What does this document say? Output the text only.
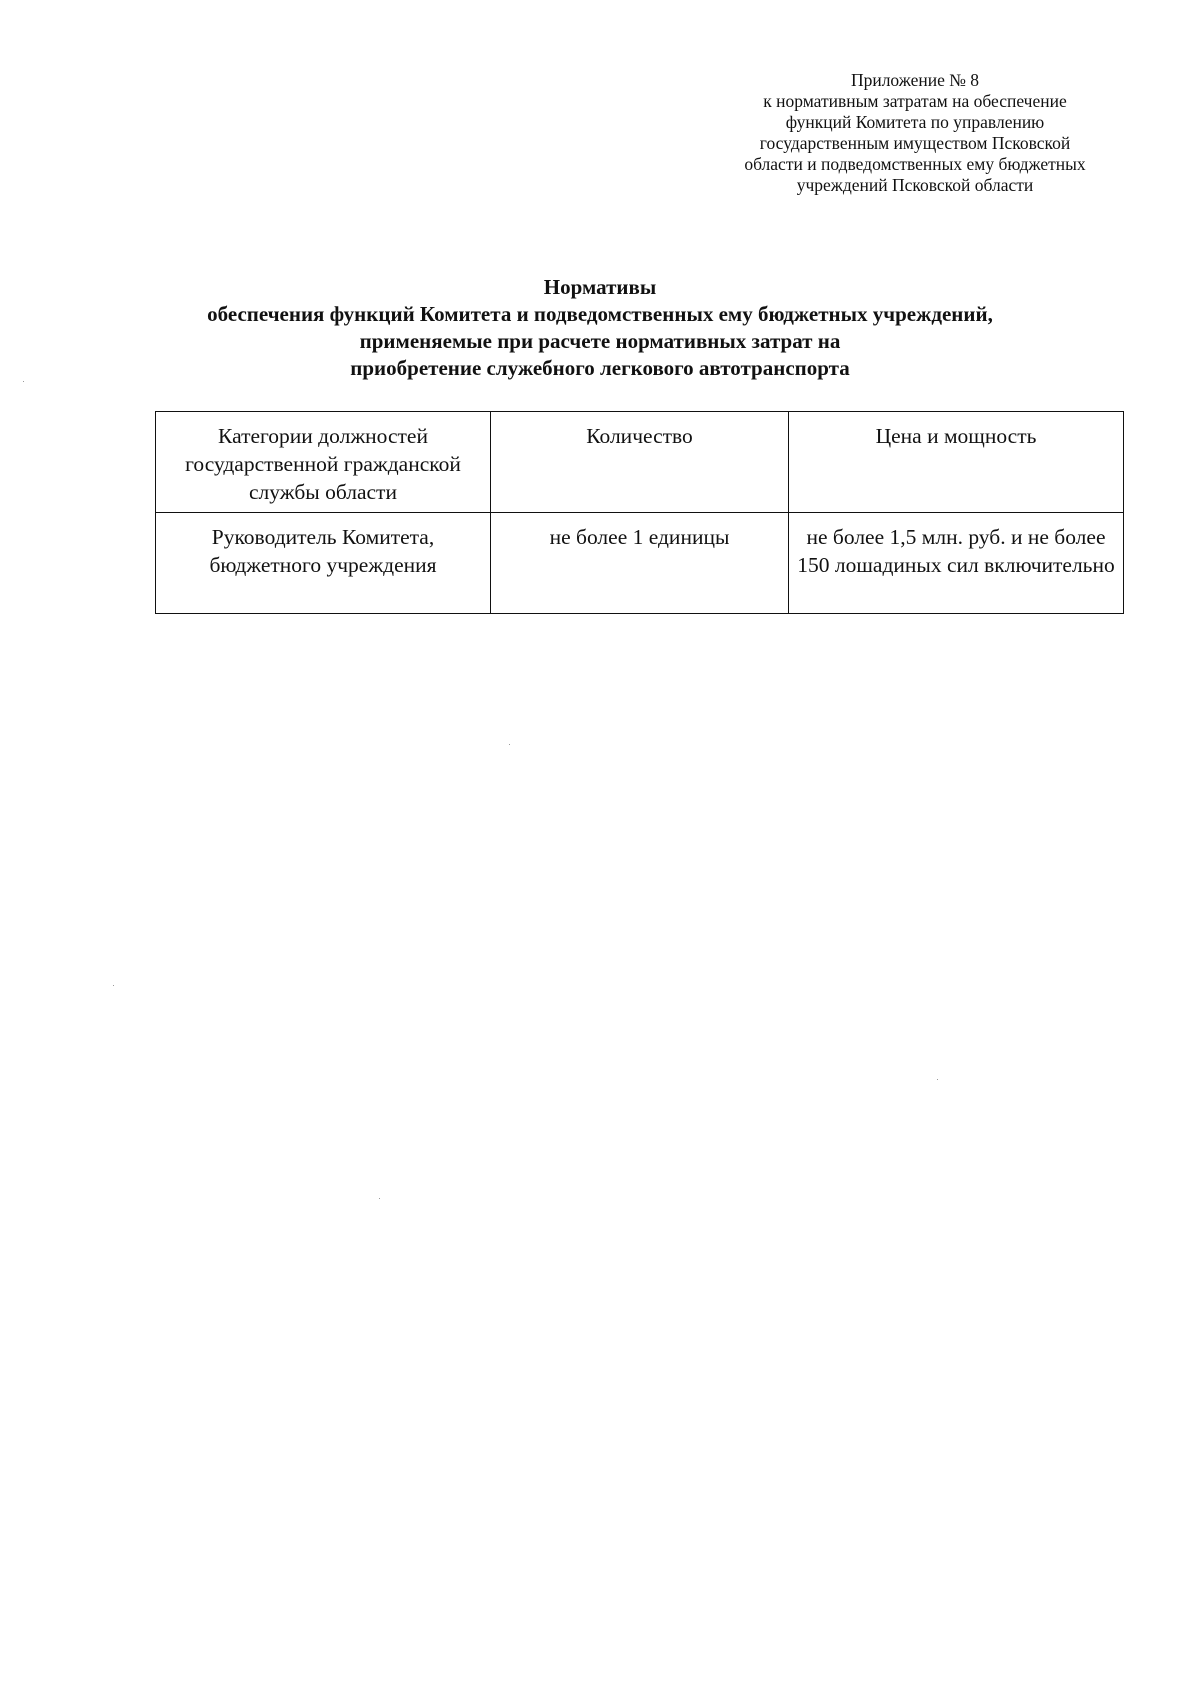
Приложение № 8
к нормативным затратам на обеспечение
функций Комитета по управлению
государственным имуществом Псковской
области и подведомственных ему бюджетных
учреждений Псковской области
Нормативы
обеспечения функций Комитета и подведомственных ему бюджетных учреждений,
применяемые при расчете нормативных затрат на
приобретение служебного легкового автотранспорта
Категории должностей государственной гражданской службы области	Количество	Цена и мощность
Руководитель Комитета, бюджетного учреждения	не более 1 единицы	не более 1,5 млн. руб. и не более 150 лошадиных сил включительно
